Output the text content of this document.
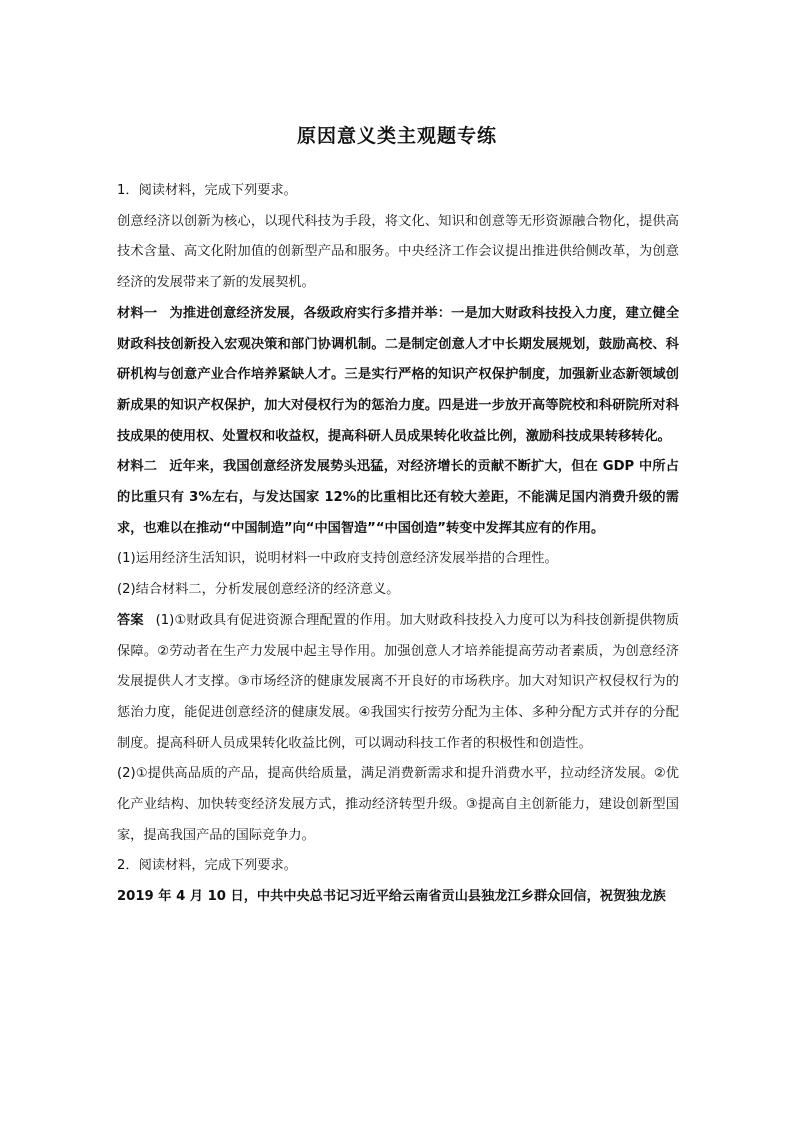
原因意义类主观题专练

1．阅读材料，完成下列要求。

创意经济以创新为核心，以现代科技为手段，将文化、知识和创意等无形资源融合物化，提供高技术含量、高文化附加值的创新型产品和服务。中央经济工作会议提出推进供给侧改革，为创意经济的发展带来了新的发展契机。

材料一 为推进创意经济发展，各级政府实行多措并举：一是加大财政科技投入力度，建立健全财政科技创新投入宏观决策和部门协调机制。二是制定创意人才中长期发展规划，鼓励高校、科研机构与创意产业合作培养紧缺人才。三是实行严格的知识产权保护制度，加强新业态新领域创新成果的知识产权保护，加大对侵权行为的惩治力度。四是进一步放开高等院校和科研院所对科技成果的使用权、处置权和收益权，提高科研人员成果转化收益比例，激励科技成果转移转化。

材料二 近年来，我国创意经济发展势头迅猛，对经济增长的贡献不断扩大，但在 GDP 中所占的比重只有 3%左右，与发达国家 12%的比重相比还有较大差距，不能满足国内消费升级的需求，也难以在推动“中国制造”向“中国智造”“中国创造”转变中发挥其应有的作用。

(1)运用经济生活知识，说明材料一中政府支持创意经济发展举措的合理性。

(2)结合材料二，分析发展创意经济的经济意义。

答案 (1)①财政具有促进资源合理配置的作用。加大财政科技投入力度可以为科技创新提供物质保障。②劳动者在生产力发展中起主导作用。加强创意人才培养能提高劳动者素质，为创意经济发展提供人才支撑。③市场经济的健康发展离不开良好的市场秩序。加大对知识产权侵权行为的惩治力度，能促进创意经济的健康发展。④我国实行按劳分配为主体、多种分配方式并存的分配制度。提高科研人员成果转化收益比例，可以调动科技工作者的积极性和创造性。

(2)①提供高品质的产品，提高供给质量，满足消费新需求和提升消费水平，拉动经济发展。②优化产业结构、加快转变经济发展方式，推动经济转型升级。③提高自主创新能力，建设创新型国家，提高我国产品的国际竞争力。

2．阅读材料，完成下列要求。

2019 年 4 月 10 日，中共中央总书记习近平给云南省贡山县独龙江乡群众回信，祝贺独龙族
